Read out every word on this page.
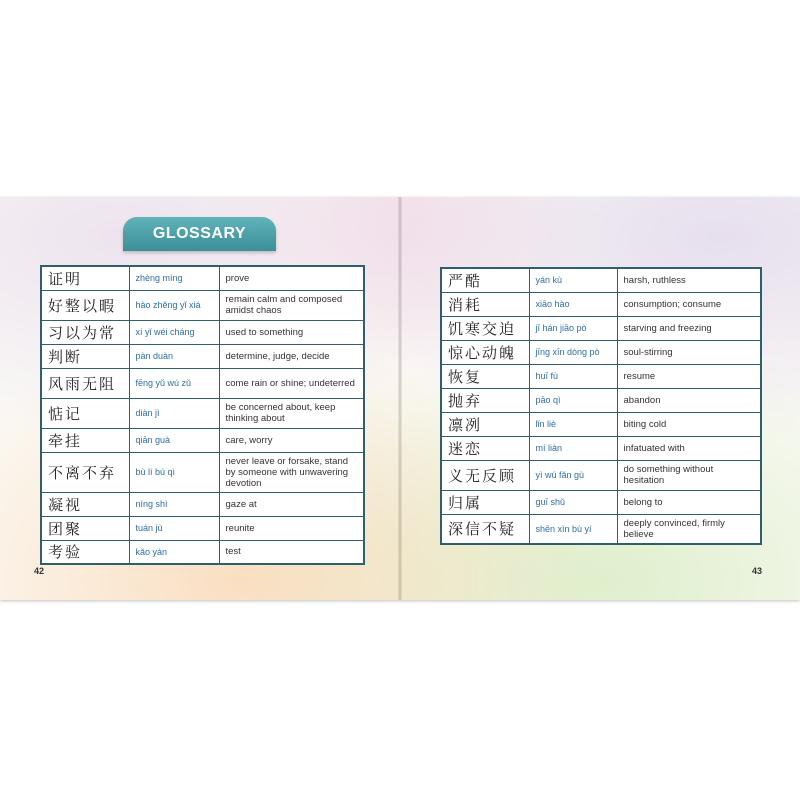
GLOSSARY
证明	zhèng míng	prove
好整以暇	hào zhěng yǐ xiá	remain calm and composed amidst chaos
习以为常	xí yǐ wéi cháng	used to something
判断	pàn duàn	determine, judge, decide
风雨无阻	fēng yǔ wú zǔ	come rain or shine; undeterred
惦记	diàn jì	be concerned about, keep thinking about
牵挂	qiān guà	care, worry
不离不弃	bù lí bú qì	never leave or forsake, stand by someone with unwavering devotion
凝视	níng shì	gaze at
团聚	tuán jù	reunite
考验	kǎo yàn	test
严酷	yán kù	harsh, ruthless
消耗	xiāo hào	consumption; consume
饥寒交迫	jī hán jiāo pò	starving and freezing
惊心动魄	jīng xīn dòng pò	soul-stirring
恢复	huī fù	resume
抛弃	pāo qì	abandon
凛冽	lǐn liè	biting cold
迷恋	mí liàn	infatuated with
义无反顾	yì wú fǎn gù	do something without hesitation
归属	guī shǔ	belong to
深信不疑	shēn xìn bù yí	deeply convinced, firmly believe
42	43
